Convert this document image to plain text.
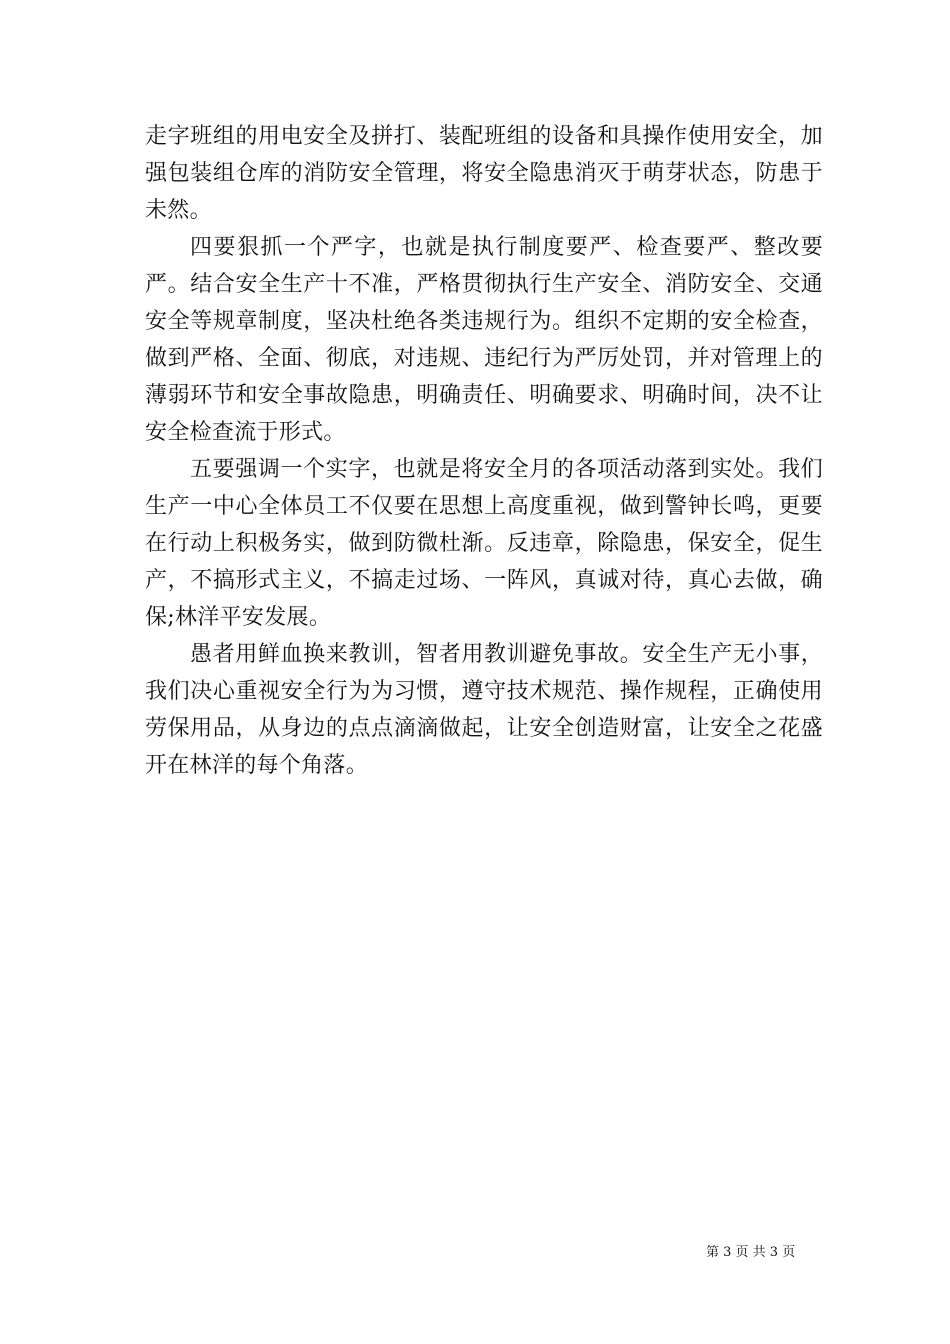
走字班组的用电安全及拼打、装配班组的设备和具操作使用安全，加强包装组仓库的消防安全管理，将安全隐患消灭于萌芽状态，防患于未然。

四要狠抓一个严字，也就是执行制度要严、检查要严、整改要严。结合安全生产十不准，严格贯彻执行生产安全、消防安全、交通安全等规章制度，坚决杜绝各类违规行为。组织不定期的安全检查，做到严格、全面、彻底，对违规、违纪行为严厉处罚，并对管理上的薄弱环节和安全事故隐患，明确责任、明确要求、明确时间，决不让安全检查流于形式。

五要强调一个实字，也就是将安全月的各项活动落到实处。我们生产一中心全体员工不仅要在思想上高度重视，做到警钟长鸣，更要在行动上积极务实，做到防微杜渐。反违章，除隐患，保安全，促生产，不搞形式主义，不搞走过场、一阵风，真诚对待，真心去做，确保;林洋平安发展。

愚者用鲜血换来教训，智者用教训避免事故。安全生产无小事，我们决心重视安全行为为习惯，遵守技术规范、操作规程，正确使用劳保用品，从身边的点点滴滴做起，让安全创造财富，让安全之花盛开在林洋的每个角落。

第 3 页 共 3 页
